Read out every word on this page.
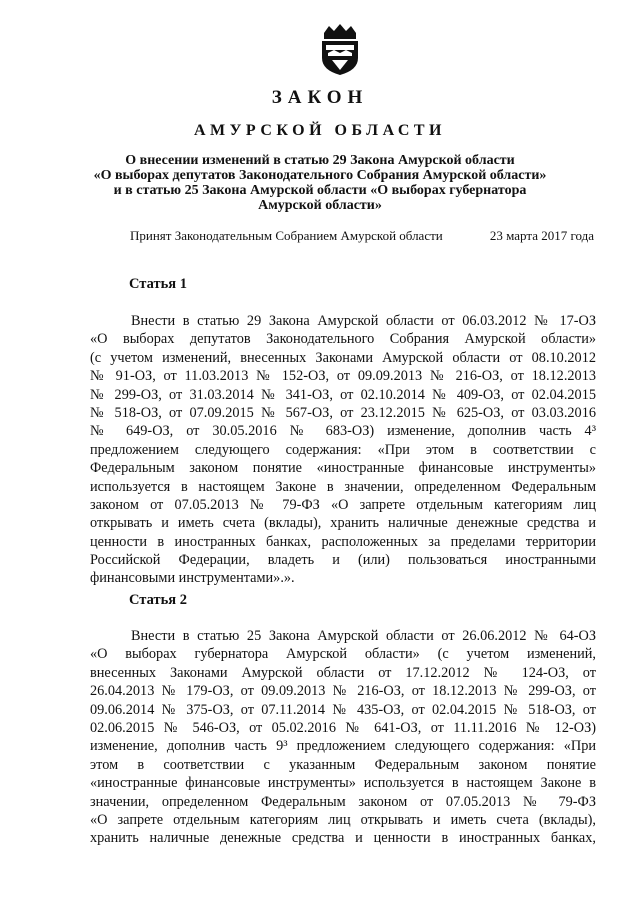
ЗАКОН
АМУРСКОЙ ОБЛАСТИ
О внесении изменений в статью 29 Закона Амурской области
«О выборах депутатов Законодательного Собрания Амурской области»
и в статью 25 Закона Амурской области «О выборах губернатора
Амурской области»
Принят Законодательным Собранием Амурской области	23 марта 2017 года
Статья 1
Внести в статью 29 Закона Амурской области от 06.03.2012 № 17-ОЗ
«О выборах депутатов Законодательного Собрания Амурской области»
(с учетом изменений, внесенных Законами Амурской области от 08.10.2012
№ 91-ОЗ, от 11.03.2013 № 152-ОЗ, от 09.09.2013 № 216-ОЗ, от 18.12.2013
№ 299-ОЗ, от 31.03.2014 № 341-ОЗ, от 02.10.2014 № 409-ОЗ, от 02.04.2015
№ 518-ОЗ, от 07.09.2015 № 567-ОЗ, от 23.12.2015 № 625-ОЗ, от 03.03.2016
№ 649-ОЗ, от 30.05.2016 № 683-ОЗ) изменение, дополнив часть 4³
предложением следующего содержания: «При этом в соответствии с
Федеральным законом понятие «иностранные финансовые инструменты»
используется в настоящем Законе в значении, определенном Федеральным
законом от 07.05.2013 № 79-ФЗ «О запрете отдельным категориям лиц
открывать и иметь счета (вклады), хранить наличные денежные средства и
ценности в иностранных банках, расположенных за пределами территории
Российской Федерации, владеть и (или) пользоваться иностранными
финансовыми инструментами».».
Статья 2
Внести в статью 25 Закона Амурской области от 26.06.2012 № 64-ОЗ
«О выборах губернатора Амурской области» (с учетом изменений,
внесенных Законами Амурской области от 17.12.2012 № 124-ОЗ, от
26.04.2013 № 179-ОЗ, от 09.09.2013 № 216-ОЗ, от 18.12.2013 № 299-ОЗ, от
09.06.2014 № 375-ОЗ, от 07.11.2014 № 435-ОЗ, от 02.04.2015 № 518-ОЗ, от
02.06.2015 № 546-ОЗ, от 05.02.2016 № 641-ОЗ, от 11.11.2016 № 12-ОЗ)
изменение, дополнив часть 9³ предложением следующего содержания: «При
этом в соответствии с указанным Федеральным законом понятие
«иностранные финансовые инструменты» используется в настоящем Законе в
значении, определенном Федеральным законом от 07.05.2013 № 79-ФЗ
«О запрете отдельным категориям лиц открывать и иметь счета (вклады),
хранить наличные денежные средства и ценности в иностранных банках,
